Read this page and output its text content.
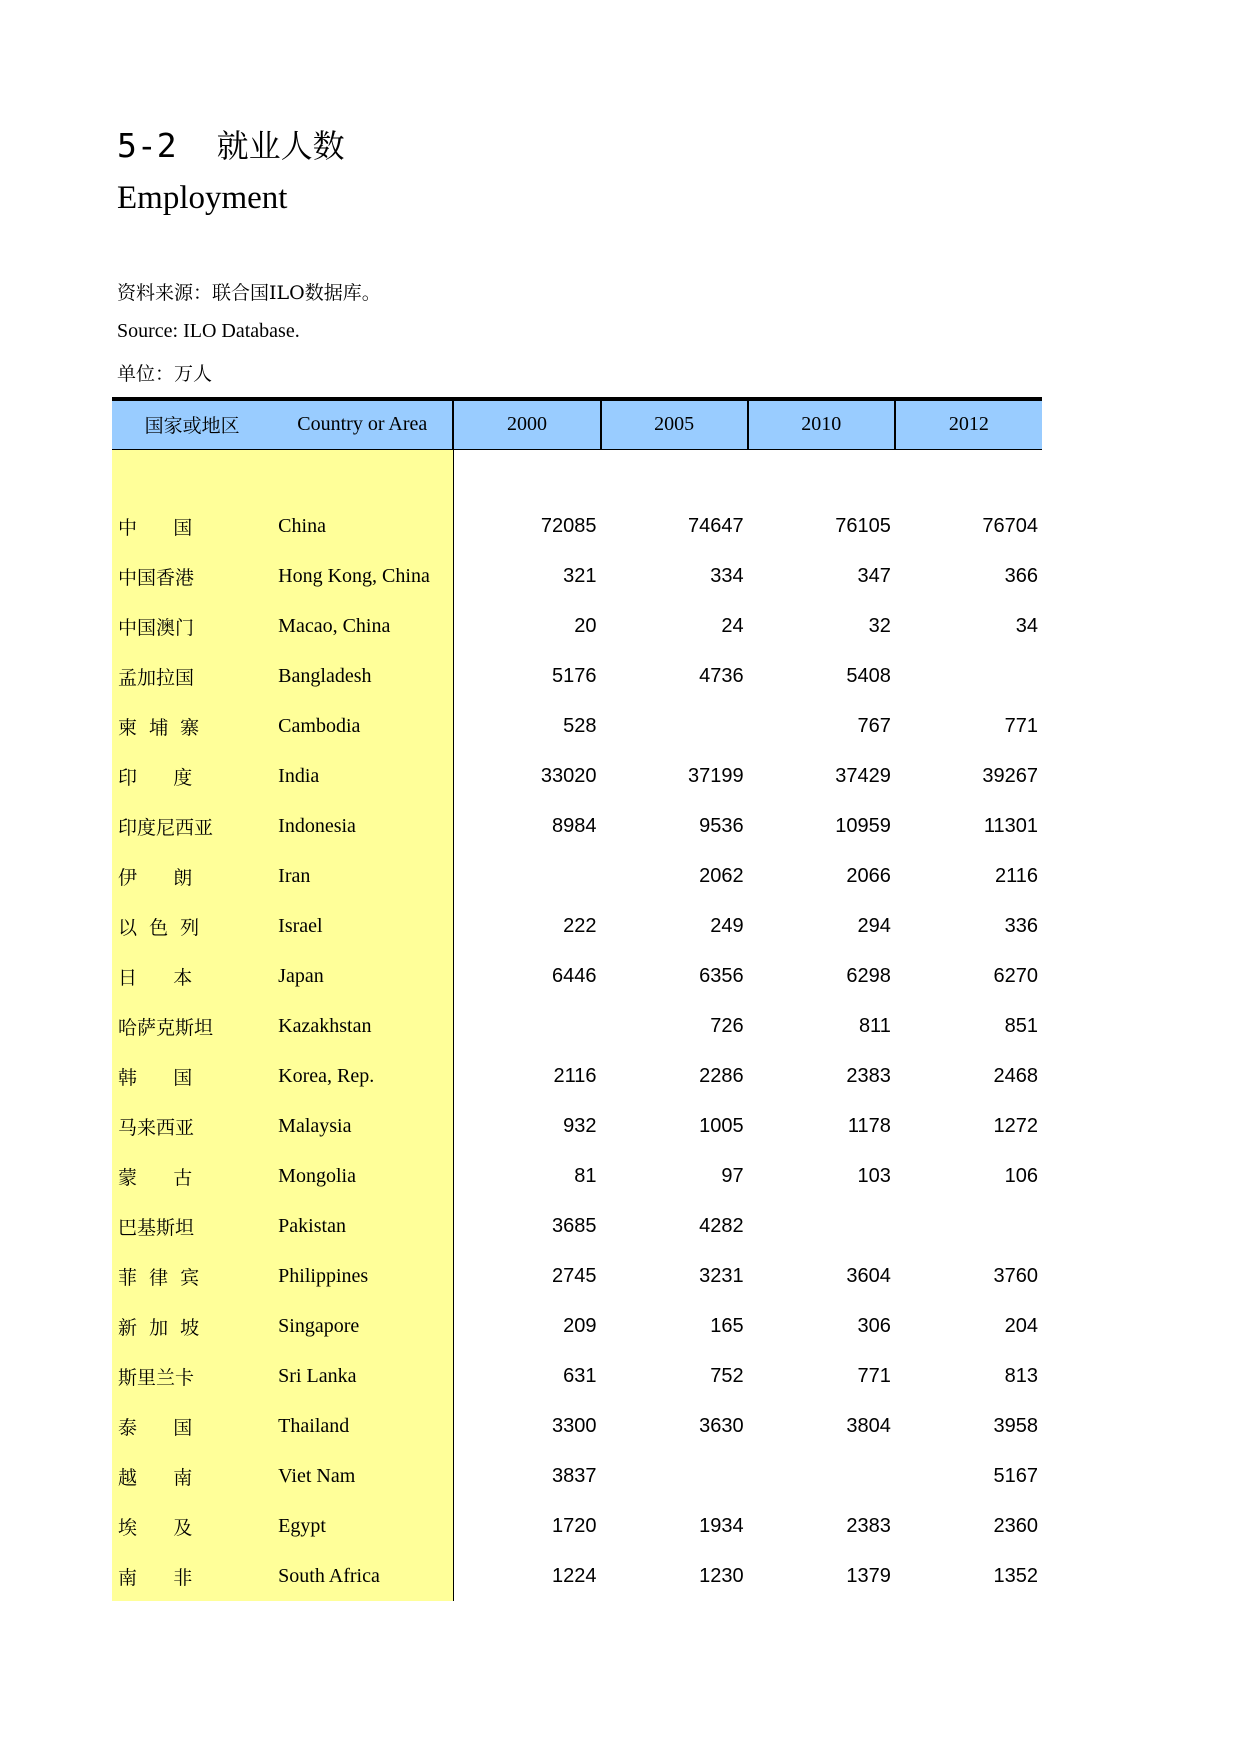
5-2 就业人数
Employment
资料来源：联合国ILO数据库。
Source: ILO Database.
单位：万人
国家或地区	Country or Area	2000	2005	2010	2012

中      国	China	72085	74647	76105	76704
中国香港	Hong Kong, China	321	334	347	366
中国澳门	Macao, China	20	24	32	34
孟加拉国	Bangladesh	5176	4736	5408	
柬  埔  寨	Cambodia	528		767	771
印      度	India	33020	37199	37429	39267
印度尼西亚	Indonesia	8984	9536	10959	11301
伊      朗	Iran		2062	2066	2116
以  色  列	Israel	222	249	294	336
日      本	Japan	6446	6356	6298	6270
哈萨克斯坦	Kazakhstan		726	811	851
韩      国	Korea, Rep.	2116	2286	2383	2468
马来西亚	Malaysia	932	1005	1178	1272
蒙      古	Mongolia	81	97	103	106
巴基斯坦	Pakistan	3685	4282		
菲  律  宾	Philippines	2745	3231	3604	3760
新  加  坡	Singapore	209	165	306	204
斯里兰卡	Sri Lanka	631	752	771	813
泰      国	Thailand	3300	3630	3804	3958
越      南	Viet Nam	3837			5167
埃      及	Egypt	1720	1934	2383	2360
南      非	South Africa	1224	1230	1379	1352
